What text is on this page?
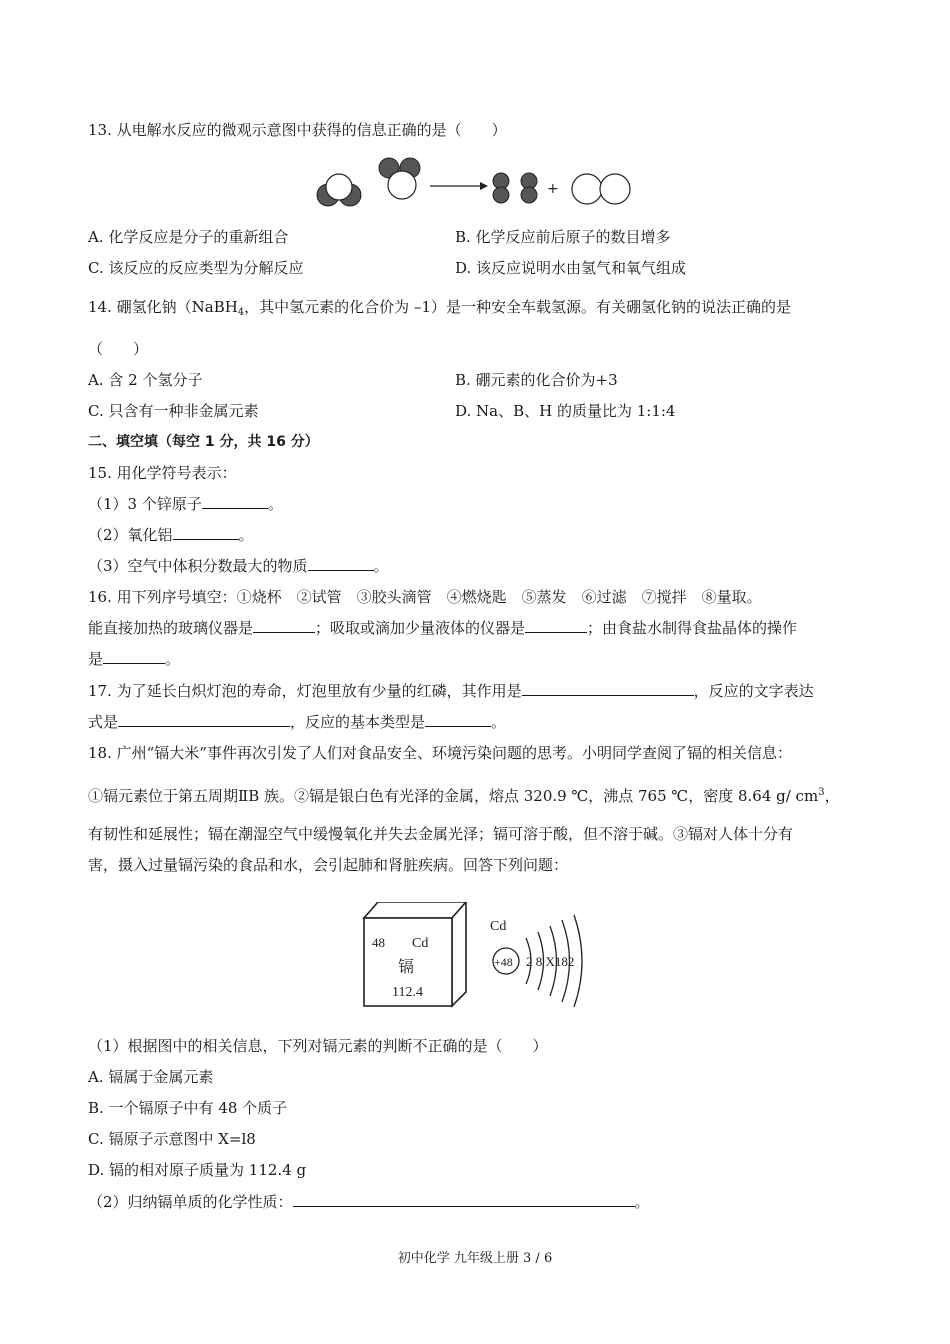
13. 从电解水反应的微观示意图中获得的信息正确的是（　　）
+
A. 化学反应是分子的重新组合	B. 化学反应前后原子的数目增多
C. 该反应的反应类型为分解反应	D. 该反应说明水由氢气和氧气组成
14. 硼氢化钠（NaBH$_4$，其中氢元素的化合价为 –1）是一种安全车载氢源。有关硼氢化钠的说法正确的是
（　　）
A. 含 2 个氢分子	B. 硼元素的化合价为+3
C. 只含有一种非金属元素	D. Na、B、H 的质量比为 1:1:4
二、填空填（每空 1 分，共 16 分）
15. 用化学符号表示：
（1）3 个锌原子	。
（2）氧化铝	。
（3）空气中体积分数最大的物质	。
16. 用下列序号填空：①烧杯　②试管　③胶头滴管　④燃烧匙　⑤蒸发　⑥过滤　⑦搅拌　⑧量取。
能直接加热的玻璃仪器是	；吸取或滴加少量液体的仪器是	；由食盐水制得食盐晶体的操作
是	。
17. 为了延长白炽灯泡的寿命，灯泡里放有少量的红磷，其作用是	，反应的文字表达
式是	，反应的基本类型是	。
18. 广州“镉大米”事件再次引发了人们对食品安全、环境污染问题的思考。小明同学查阅了镉的相关信息：
①镉元素位于第五周期ⅡB 族。②镉是银白色有光泽的金属，熔点 320.9 ℃，沸点 765 ℃，密度 8.64 g/ $cm^3$，
有韧性和延展性；镉在潮湿空气中缓慢氧化并失去金属光泽；镉可溶于酸，但不溶于碱。③镉对人体十分有
害，摄入过量镉污染的食品和水，会引起肺和肾脏疾病。回答下列问题：
48 Cd
镉
112.4
Cd
+48 2 8 X182
（1）根据图中的相关信息，下列对镉元素的判断不正确的是（　　）
A. 镉属于金属元素
B. 一个镉原子中有 48 个质子
C. 镉原子示意图中 X=l8
D. 镉的相对原子质量为 112.4 g
（2）归纳镉单质的化学性质：	。
初中化学 九年级上册 3 / 6
